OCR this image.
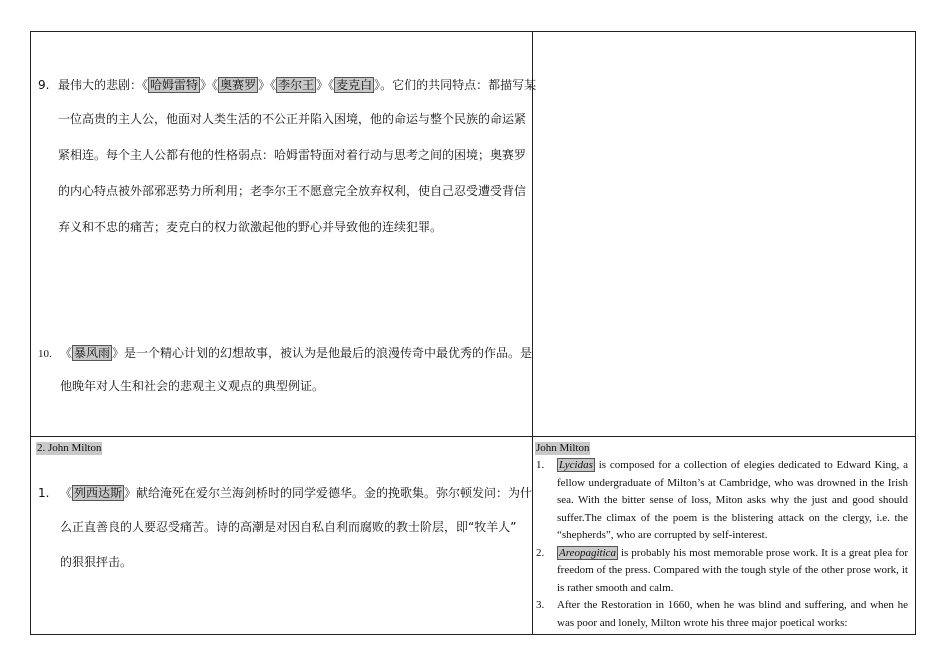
9. 最伟大的悲剧：《 哈姆雷特 》《 奥赛罗 》《 李尔王 》《 麦克白 》。它们的共同特点：都描写某
一位高贵的主人公，他面对人类生活的不公正并陷入困境，他的命运与整个民族的命运紧
紧相连。每个主人公都有他的性格弱点：哈姆雷特面对着行动与思考之间的困境；奥赛罗
的内心特点被外部邪恶势力所利用；老李尔王不愿意完全放弃权利，使自己忍受遭受背信
弃义和不忠的痛苦；麦克白的权力欲激起他的野心并导致他的连续犯罪。
10. 《 暴风雨 》是一个精心计划的幻想故事，被认为是他最后的浪漫传奇中最优秀的作品。是
他晚年对人生和社会的悲观主义观点的典型例证。
2. John Milton
1. 《 列西达斯 》献给淹死在爱尔兰海剑桥时的同学爱德华。金的挽歌集。弥尔顿发问：为什
么正直善良的人要忍受痛苦。诗的高潮是对因自私自利而腐败的教士阶层，即“牧羊人”
的狠狠抨击。
John Milton
1. Lycidas is composed for a collection of elegies dedicated to Edward King, a fellow undergraduate of Milton’s at Cambridge, who was drowned in the Irish sea. With the bitter sense of loss, Miton asks why the just and good should suffer.The climax of the poem is the blistering attack on the clergy, i.e. the “shepherds”, who are corrupted by self-interest.
2. Areopagitica is probably his most memorable prose work. It is a great plea for freedom of the press. Compared with the tough style of the other prose work, it is rather smooth and calm.
3. After the Restoration in 1660, when he was blind and suffering, and when he was poor and lonely, Milton wrote his three major poetical works:
